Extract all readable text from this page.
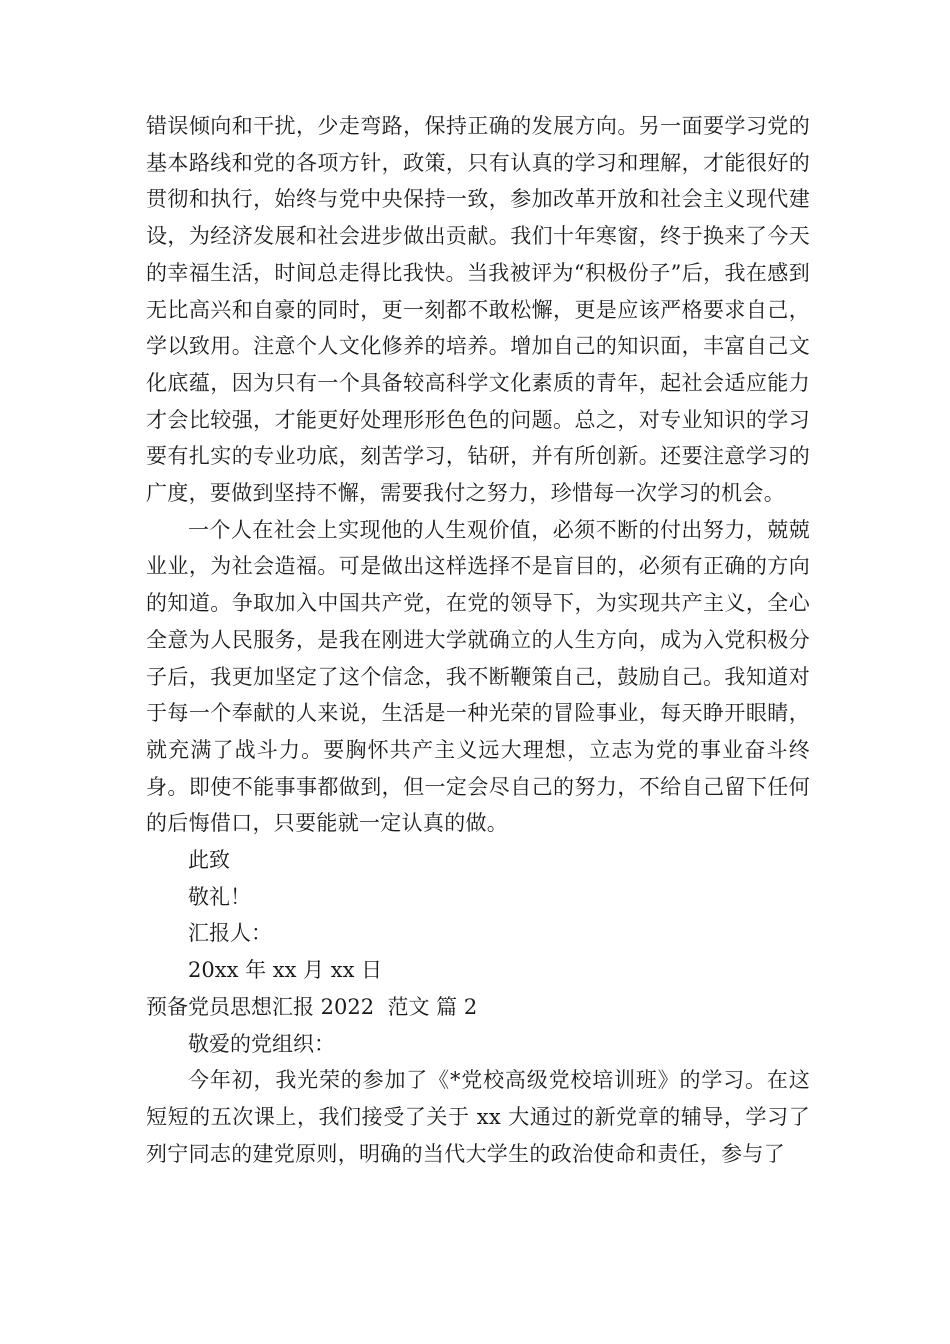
错误倾向和干扰，少走弯路，保持正确的发展方向。另一面要学习党的基本路线和党的各项方针，政策，只有认真的学习和理解，才能很好的贯彻和执行，始终与党中央保持一致，参加改革开放和社会主义现代建设，为经济发展和社会进步做出贡献。我们十年寒窗，终于换来了今天的幸福生活，时间总走得比我快。当我被评为“积极份子”后，我在感到无比高兴和自豪的同时，更一刻都不敢松懈，更是应该严格要求自己，学以致用。注意个人文化修养的培养。增加自己的知识面，丰富自己文化底蕴，因为只有一个具备较高科学文化素质的青年，起社会适应能力才会比较强，才能更好处理形形色色的问题。总之，对专业知识的学习要有扎实的专业功底，刻苦学习，钻研，并有所创新。还要注意学习的广度，要做到坚持不懈，需要我付之努力，珍惜每一次学习的机会。

一个人在社会上实现他的人生观价值，必须不断的付出努力，兢兢业业，为社会造福。可是做出这样选择不是盲目的，必须有正确的方向的知道。争取加入中国共产党，在党的领导下，为实现共产主义，全心全意为人民服务，是我在刚进大学就确立的人生方向，成为入党积极分子后，我更加坚定了这个信念，我不断鞭策自己，鼓励自己。我知道对于每一个奉献的人来说，生活是一种光荣的冒险事业，每天睁开眼睛，就充满了战斗力。要胸怀共产主义远大理想，立志为党的事业奋斗终身。即使不能事事都做到，但一定会尽自己的努力，不给自己留下任何的后悔借口，只要能就一定认真的做。

此致

敬礼！

汇报人：

20xx 年 xx 月 xx 日

预备党员思想汇报 2022  范文 篇 2

敬爱的党组织：

今年初，我光荣的参加了《*党校高级党校培训班》的学习。在这短短的五次课上，我们接受了关于 xx 大通过的新党章的辅导，学习了列宁同志的建党原则，明确的当代大学生的政治使命和责任，参与了
